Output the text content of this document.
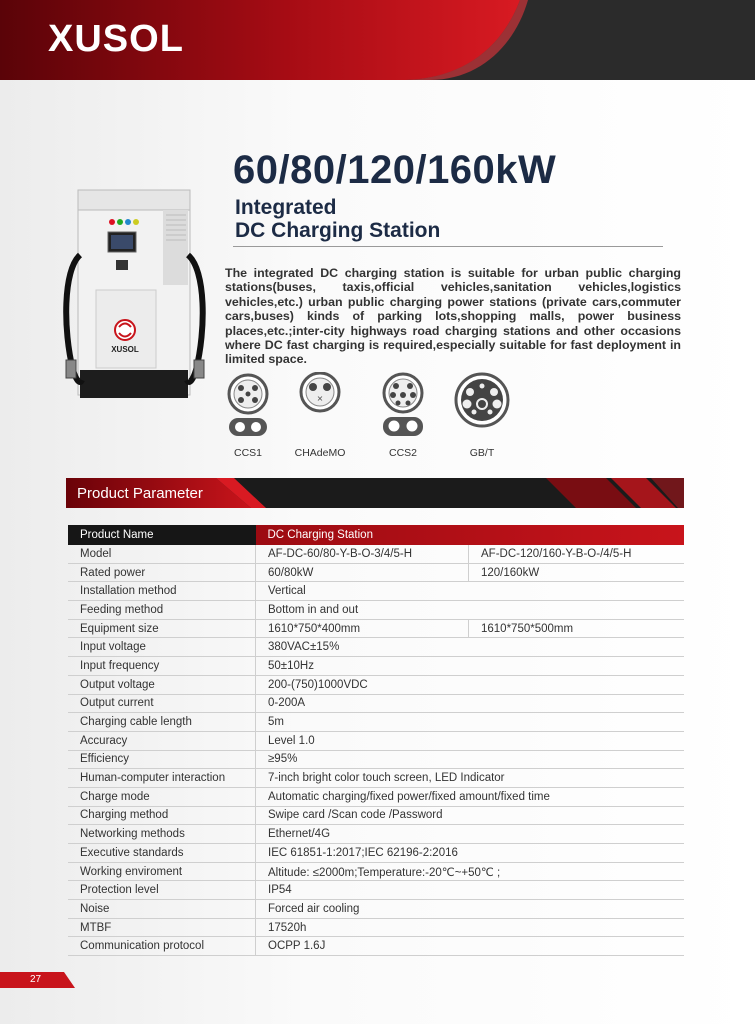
XUSOL
XUSOL
60/80/120/160kW
Integrated
DC Charging Station
The integrated DC charging station is suitable for urban public charging stations(buses, taxis,official vehicles,sanitation vehicles,logistics vehicles,etc.) urban public charging power stations (private cars,commuter cars,buses) kinds of parking lots,shopping malls, power business places,etc.;inter-city highways road charging stations and other occasions where DC fast charging is required,especially suitable for fast deployment in limited space.
CCS1
×
CHAdeMO	CCS2	GB/T
Product Parameter
Product Name	DC Charging Station	
Model	AF-DC-60/80-Y-B-O-3/4/5-H	AF-DC-120/160-Y-B-O-/4/5-H
Rated power	60/80kW	120/160kW
Installation method	Vertical	
Feeding method	Bottom in and out	
Equipment size	1610*750*400mm	1610*750*500mm
Input voltage	380VAC±15%	
Input frequency	50±10Hz	
Output voltage	200-(750)1000VDC	
Output current	0-200A	
Charging cable length	5m	
Accuracy	Level 1.0	
Efficiency	≥95%	
Human-computer interaction	7-inch bright color touch screen, LED Indicator	
Charge mode	Automatic charging/fixed power/fixed amount/fixed time	
Charging method	Swipe card /Scan code /Password	
Networking methods	Ethernet/4G	
Executive standards	IEC 61851-1:2017;IEC 62196-2:2016	
Working enviroment	Altitude: ≤2000m;Temperature:-20℃~+50℃ ;	
Protection level	IP54	
Noise	Forced air cooling	
MTBF	17520h	
Communication protocol	OCPP 1.6J	
27
